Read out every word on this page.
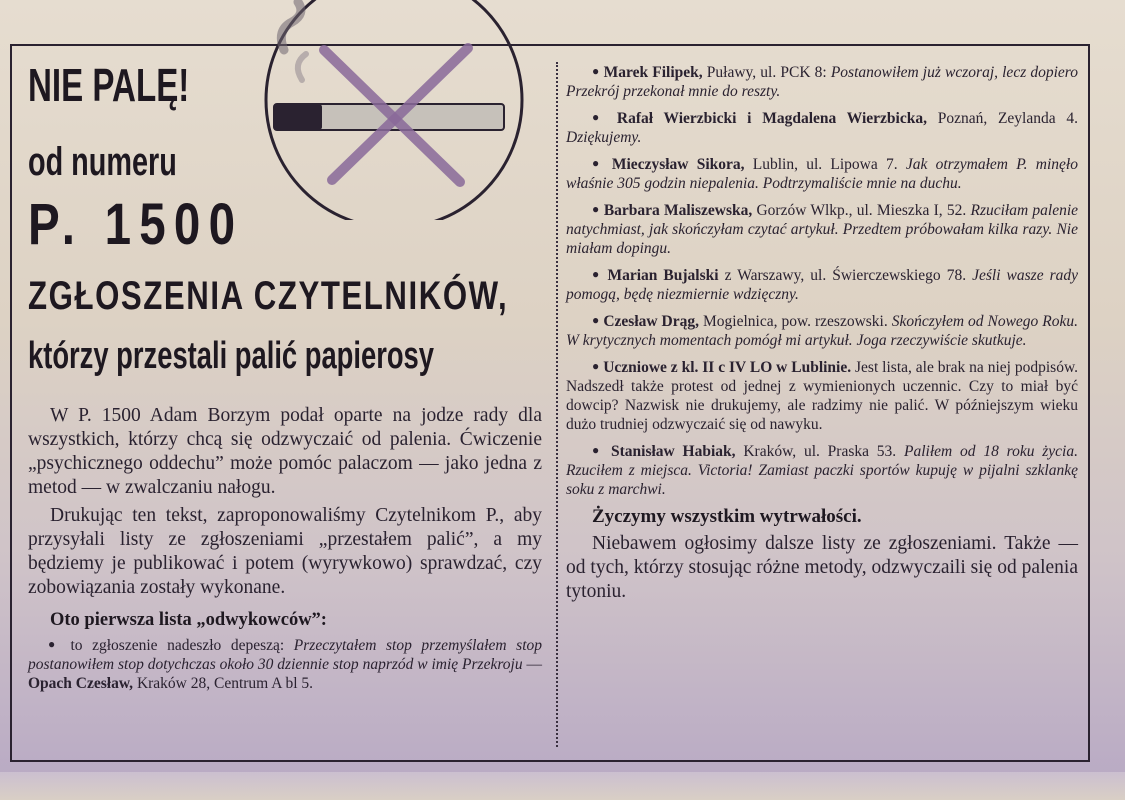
NIE PALĘ!
od numeru
P. 1500
ZGŁOSZENIA CZYTELNIKÓW,
którzy przestali palić papierosy

W P. 1500 Adam Borzym podał oparte na jodze rady dla wszystkich, którzy chcą się odzwyczaić od palenia. Ćwiczenie „psychicznego oddechu” może pomóc palaczom — jako jedna z metod — w zwalczaniu nałogu.

Drukując ten tekst, zaproponowaliśmy Czytelnikom P., aby przysyłali listy ze zgłoszeniami „przestałem palić”, a my będziemy je publikować i potem (wyrywkowo) sprawdzać, czy zobowiązania zostały wykonane.

Oto pierwsza lista „odwykowców”:

● to zgłoszenie nadeszło depeszą: Przeczytałem stop przemyślałem stop postanowiłem stop dotychczas około 30 dziennie stop naprzód w imię Przekroju — Opach Czesław, Kraków 28, Centrum A bl 5.

● Marek Filipek, Puławy, ul. PCK 8: Postanowiłem już wczoraj, lecz dopiero Przekrój przekonał mnie do reszty.

● Rafał Wierzbicki i Magdalena Wierzbicka, Poznań, Zeylanda 4. Dziękujemy.

● Mieczysław Sikora, Lublin, ul. Lipowa 7. Jak otrzymałem P. minęło właśnie 305 godzin niepalenia. Podtrzymaliście mnie na duchu.

● Barbara Maliszewska, Gorzów Wlkp., ul. Mieszka I, 52. Rzuciłam palenie natychmiast, jak skończyłam czytać artykuł. Przedtem próbowałam kilka razy. Nie miałam dopingu.

● Marian Bujalski z Warszawy, ul. Świerczewskiego 78. Jeśli wasze rady pomogą, będę niezmiernie wdzięczny.

● Czesław Drąg, Mogielnica, pow. rzeszowski. Skończyłem od Nowego Roku. W krytycznych momentach pomógł mi artykuł. Joga rzeczywiście skutkuje.

● Uczniowe z kl. II c IV LO w Lublinie. Jest lista, ale brak na niej podpisów. Nadszedł także protest od jednej z wymienionych uczennic. Czy to miał być dowcip? Nazwisk nie drukujemy, ale radzimy nie palić. W późniejszym wieku dużo trudniej odzwyczaić się od nawyku.

● Stanisław Habiak, Kraków, ul. Praska 53. Paliłem od 18 roku życia. Rzuciłem z miejsca. Victoria! Zamiast paczki sportów kupuję w pijalni szklankę soku z marchwi.

Życzymy wszystkim wytrwałości.

Niebawem ogłosimy dalsze listy ze zgłoszeniami. Także — od tych, którzy stosując różne metody, odzwyczaili się od palenia tytoniu.
